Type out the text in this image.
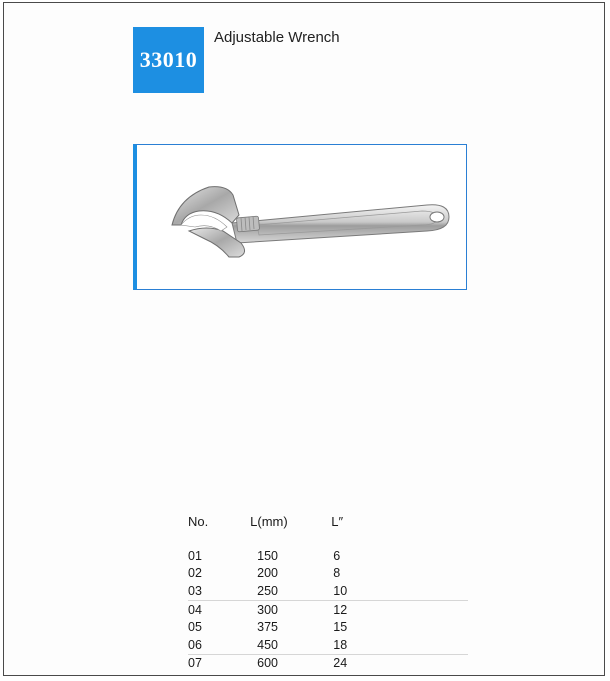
33010
Adjustable Wrench
No.	L(mm)	L″

01	150	6
02	200	8
03	250	10
04	300	12
05	375	15
06	450	18
07	600	24
